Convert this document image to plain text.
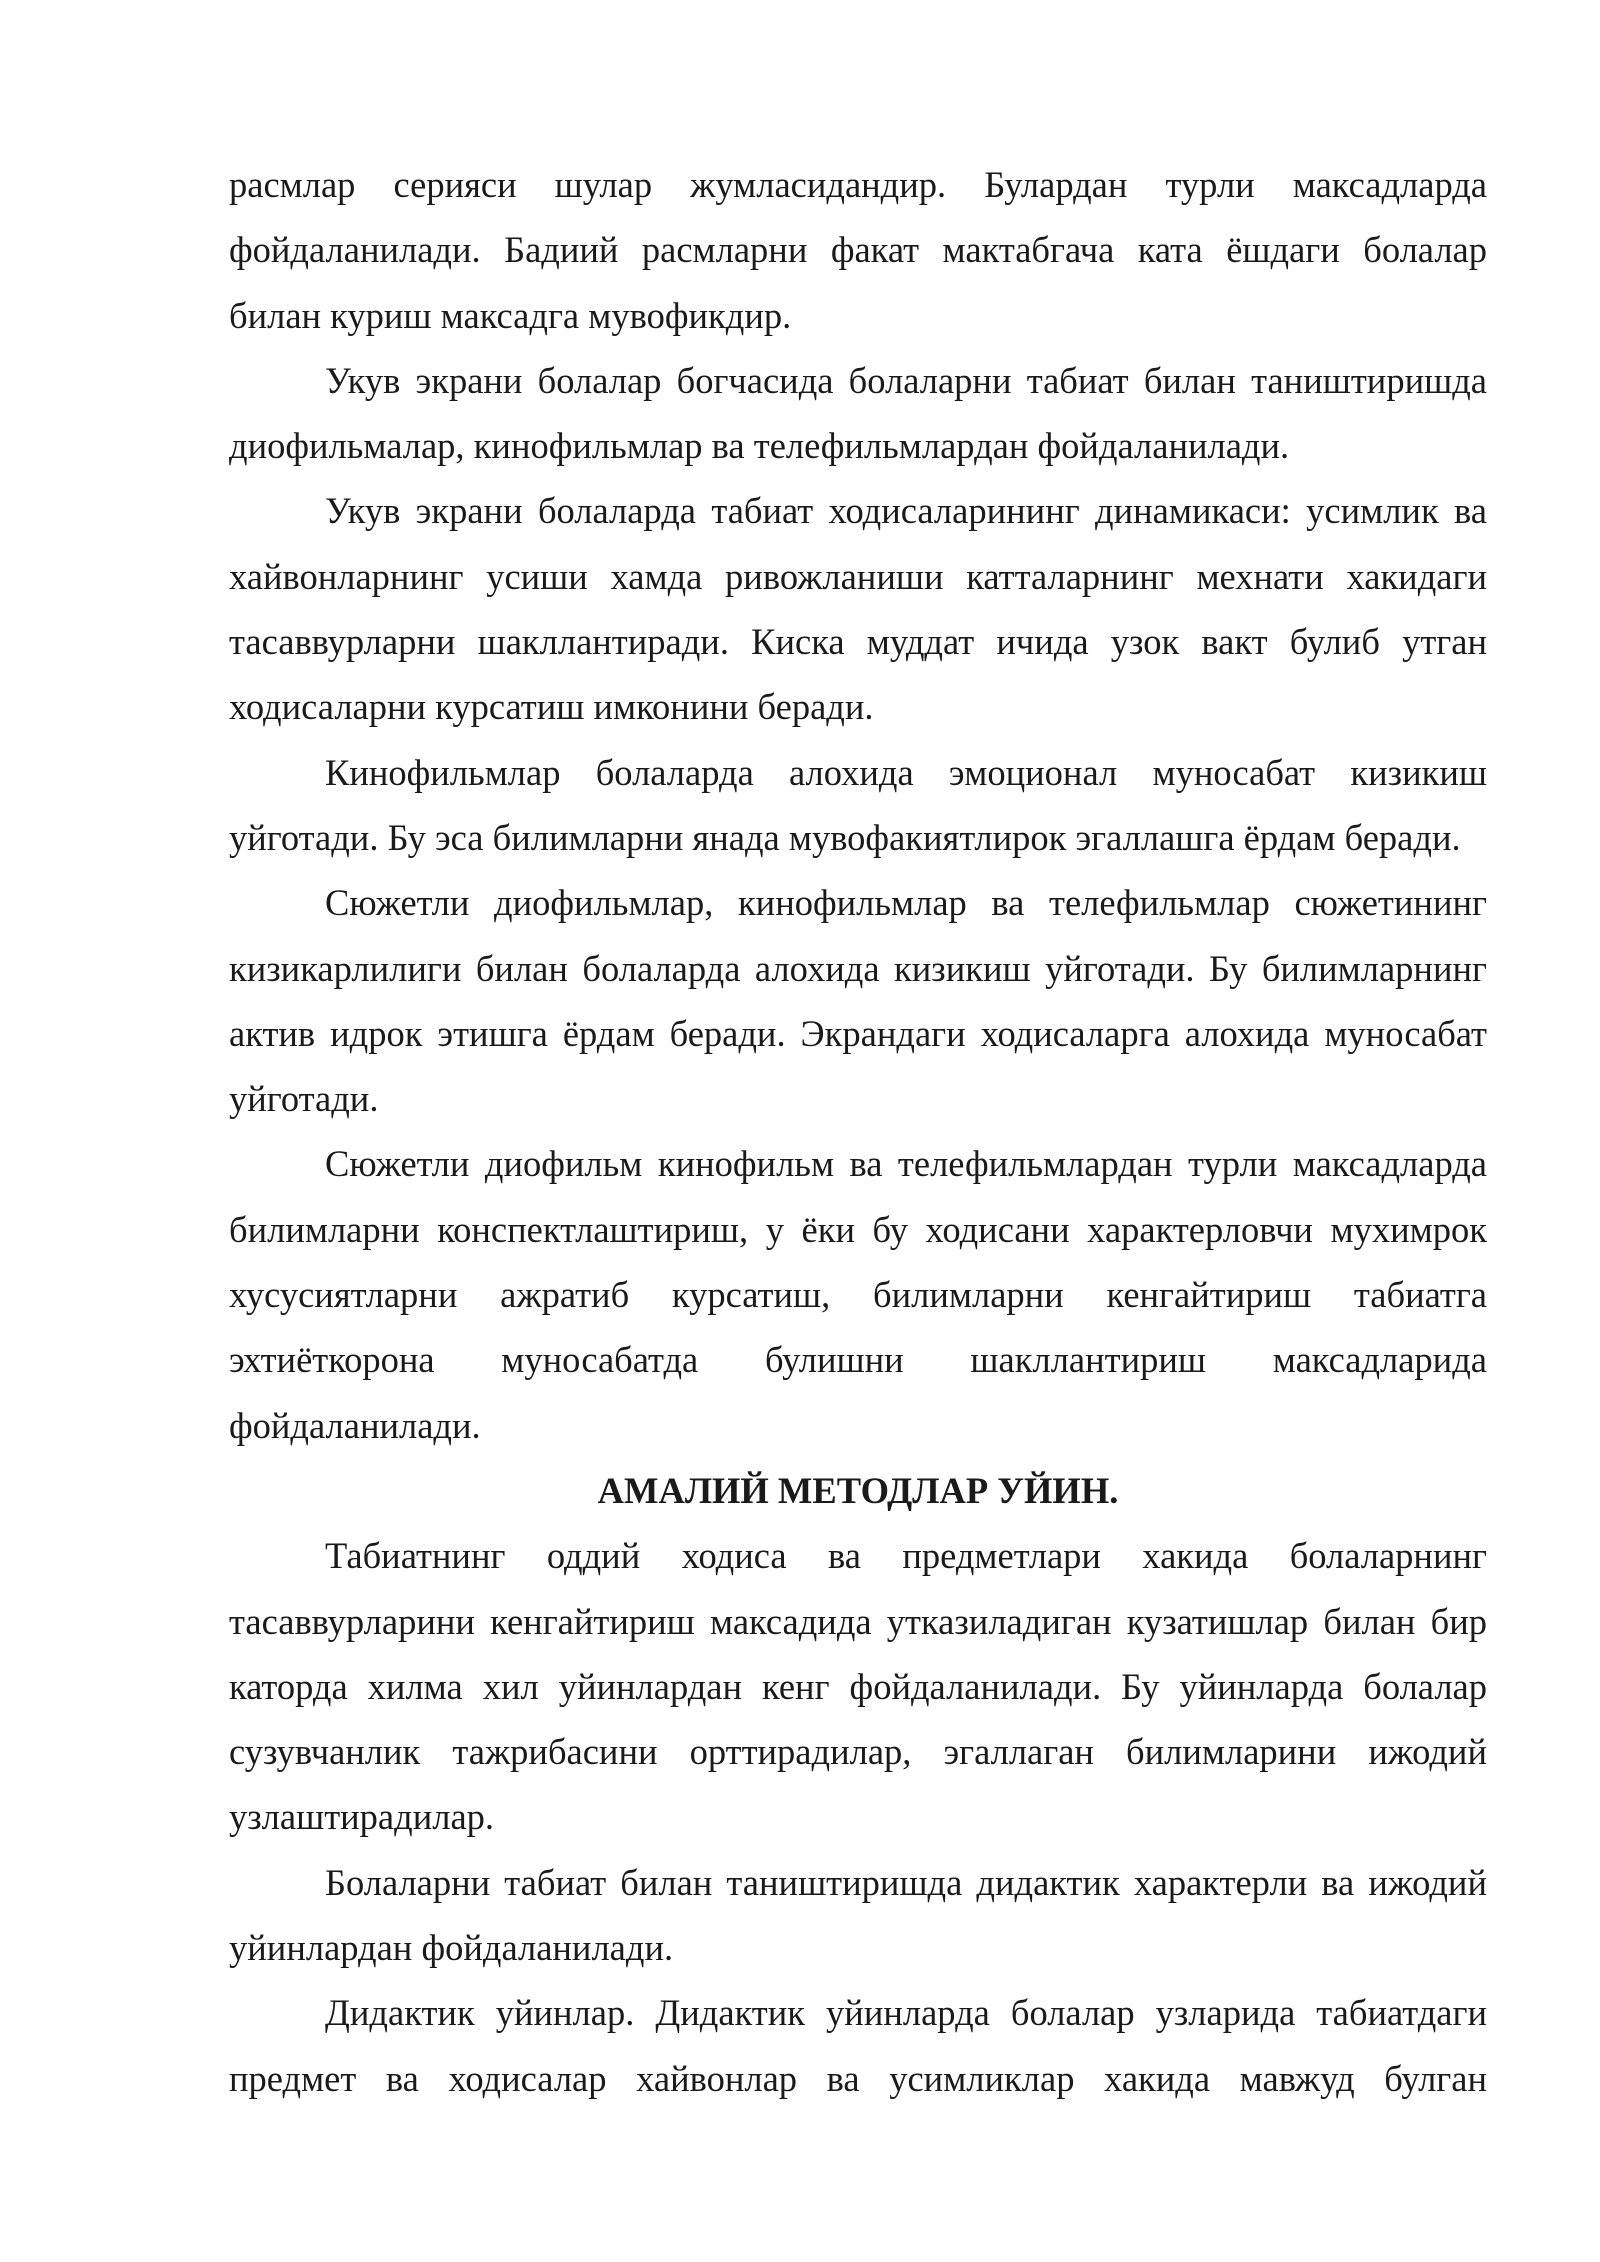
расмлар серияси шулар жумласидандир. Булардан турли максадларда фойдаланилади. Бадиий расмларни факат мактабгача ката ёшдаги болалар билан куриш максадга мувофикдир.

Укув экрани болалар богчасида болаларни табиат билан таништиришда диофильмалар, кинофильмлар ва телефильмлардан фойдаланилади.

Укув экрани болаларда табиат ходисаларининг динамикаси: усимлик ва хайвонларнинг усиши хамда ривожланиши катталарнинг мехнати хакидаги тасаввурларни шакллантиради. Киска муддат ичида узок вакт булиб утган ходисаларни курсатиш имконини беради.

Кинофильмлар болаларда алохида эмоционал муносабат кизикиш уйготади. Бу эса билимларни янада мувофакиятлирок эгаллашга ёрдам беради.

Сюжетли диофильмлар, кинофильмлар ва телефильмлар сюжетининг кизикарлилиги билан болаларда алохида кизикиш уйготади. Бу билимларнинг актив идрок этишга ёрдам беради. Экрандаги ходисаларга алохида муносабат уйготади.

Сюжетли диофильм кинофильм ва телефильмлардан турли максадларда билимларни конспектлаштириш, у ёки бу ходисани характерловчи мухимрок хусусиятларни ажратиб курсатиш, билимларни кенгайтириш табиатга эхтиёткорона муносабатда булишни шакллантириш максадларида фойдаланилади.

АМАЛИЙ МЕТОДЛАР УЙИН.

Табиатнинг оддий ходиса ва предметлари хакида болаларнинг тасаввурларини кенгайтириш максадида утказиладиган кузатишлар билан бир каторда хилма хил уйинлардан кенг фойдаланилади. Бу уйинларда болалар сузувчанлик тажрибасини орттирадилар, эгаллаган билимларини ижодий узлаштирадилар.

Болаларни табиат билан таништиришда дидактик характерли ва ижодий уйинлардан фойдаланилади.

Дидактик уйинлар. Дидактик уйинларда болалар узларида табиатдаги предмет ва ходисалар хайвонлар ва усимликлар хакида мавжуд булган
